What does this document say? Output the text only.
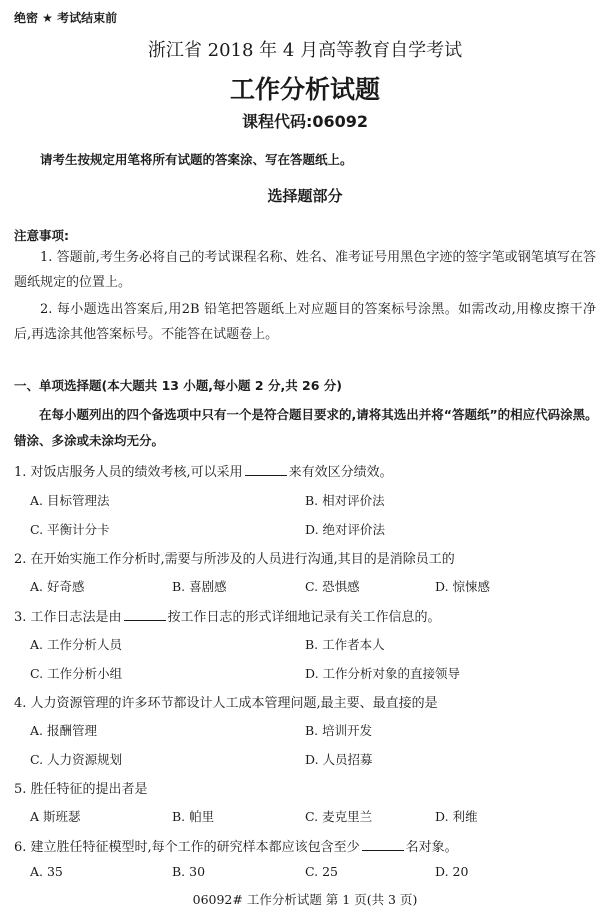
绝密 ★ 考试结束前
浙江省 2018 年 4 月高等教育自学考试
工作分析试题
课程代码:06092
请考生按规定用笔将所有试题的答案涂、写在答题纸上。
选择题部分
注意事项:
1. 答题前,考生务必将自己的考试课程名称、姓名、准考证号用黑色字迹的签字笔或钢笔填写在答题纸规定的位置上。
2. 每小题选出答案后,用2B 铅笔把答题纸上对应题目的答案标号涂黑。如需改动,用橡皮擦干净后,再选涂其他答案标号。不能答在试题卷上。
一、单项选择题(本大题共 13 小题,每小题 2 分,共 26 分)
在每小题列出的四个备选项中只有一个是符合题目要求的,请将其选出并将“答题纸”的相应代码涂黑。错涂、多涂或未涂均无分。
1. 对饭店服务人员的绩效考核,可以采用	来有效区分绩效。
A. 目标管理法	B. 相对评价法
C. 平衡计分卡	D. 绝对评价法
2. 在开始实施工作分析时,需要与所涉及的人员进行沟通,其目的是消除员工的
A. 好奇感	B. 喜剧感	C. 恐惧感	D. 惊悚感
3. 工作日志法是由	按工作日志的形式详细地记录有关工作信息的。
A. 工作分析人员	B. 工作者本人
C. 工作分析小组	D. 工作分析对象的直接领导
4. 人力资源管理的许多环节都设计人工成本管理问题,最主要、最直接的是
A. 报酬管理	B. 培训开发
C. 人力资源规划	D. 人员招募
5. 胜任特征的提出者是
A 斯班瑟	B. 帕里	C. 麦克里兰	D. 利维
6. 建立胜任特征模型时,每个工作的研究样本都应该包含至少	名对象。
A. 35	B. 30	C. 25	D. 20
06092# 工作分析试题 第 1 页(共 3 页)
